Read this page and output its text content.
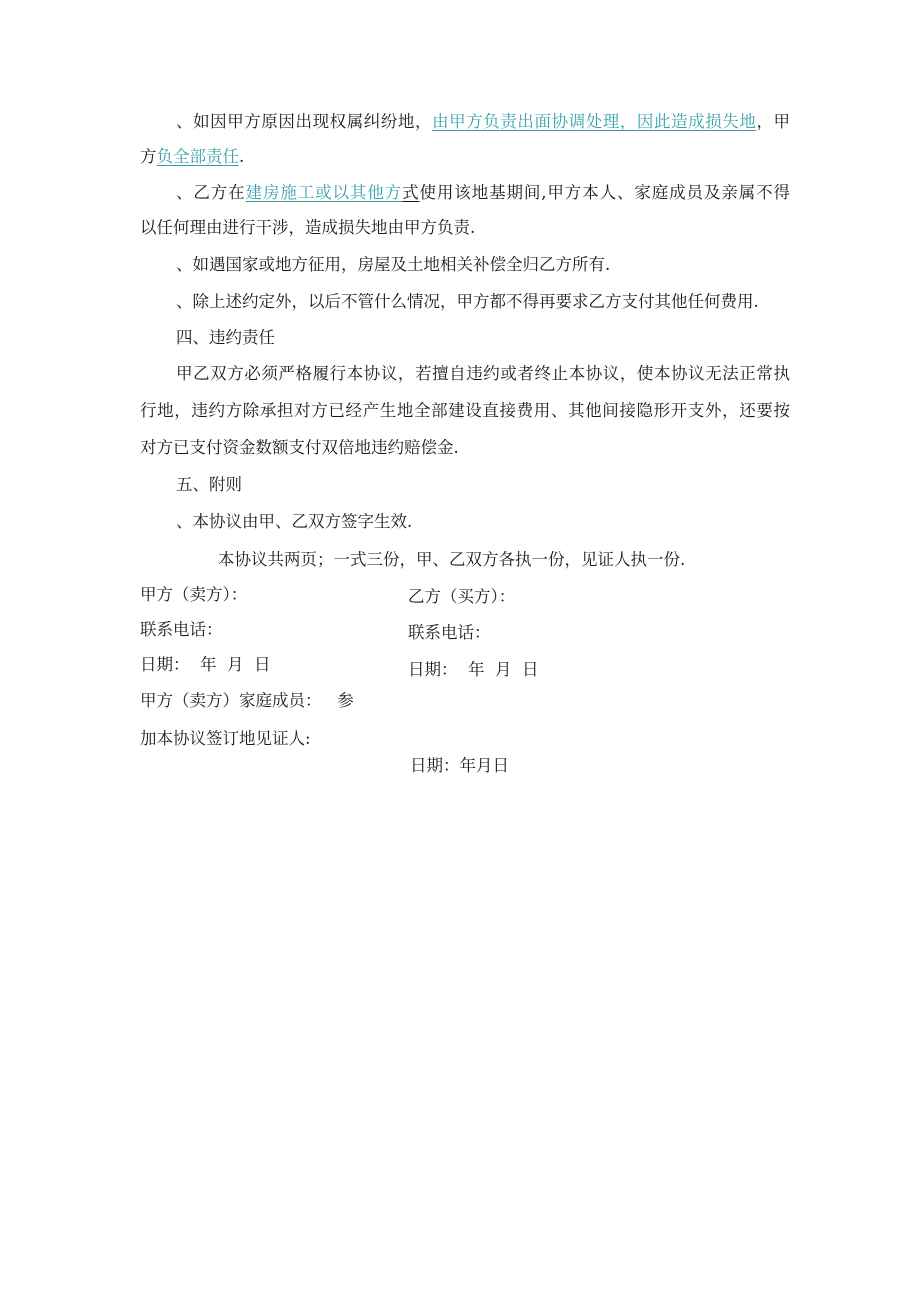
、如因甲方原因出现权属纠纷地，由甲方负责出面协调处理，因此造成损失地，甲
方负全部责任.
、乙方在建房施工或以其他方式使用该地基期间,甲方本人、家庭成员及亲属不得
以任何理由进行干涉，造成损失地由甲方负责.
、如遇国家或地方征用，房屋及土地相关补偿全归乙方所有.
、除上述约定外，以后不管什么情况，甲方都不得再要求乙方支付其他任何费用.
四、违约责任
甲乙双方必须严格履行本协议，若擅自违约或者终止本协议，使本协议无法正常执
行地，违约方除承担对方已经产生地全部建设直接费用、其他间接隐形开支外，还要按
对方已支付资金数额支付双倍地违约赔偿金.
五、附则
、本协议由甲、乙双方签字生效.
本协议共两页；一式三份，甲、乙双方各执一份，见证人执一份.
甲方（卖方）：	乙方（买方）：
联系电话：	联系电话：
日期：  年  月  日	日期：  年  月  日
甲方（卖方）家庭成员：   参
加本协议签订地见证人:
日期：年月日
